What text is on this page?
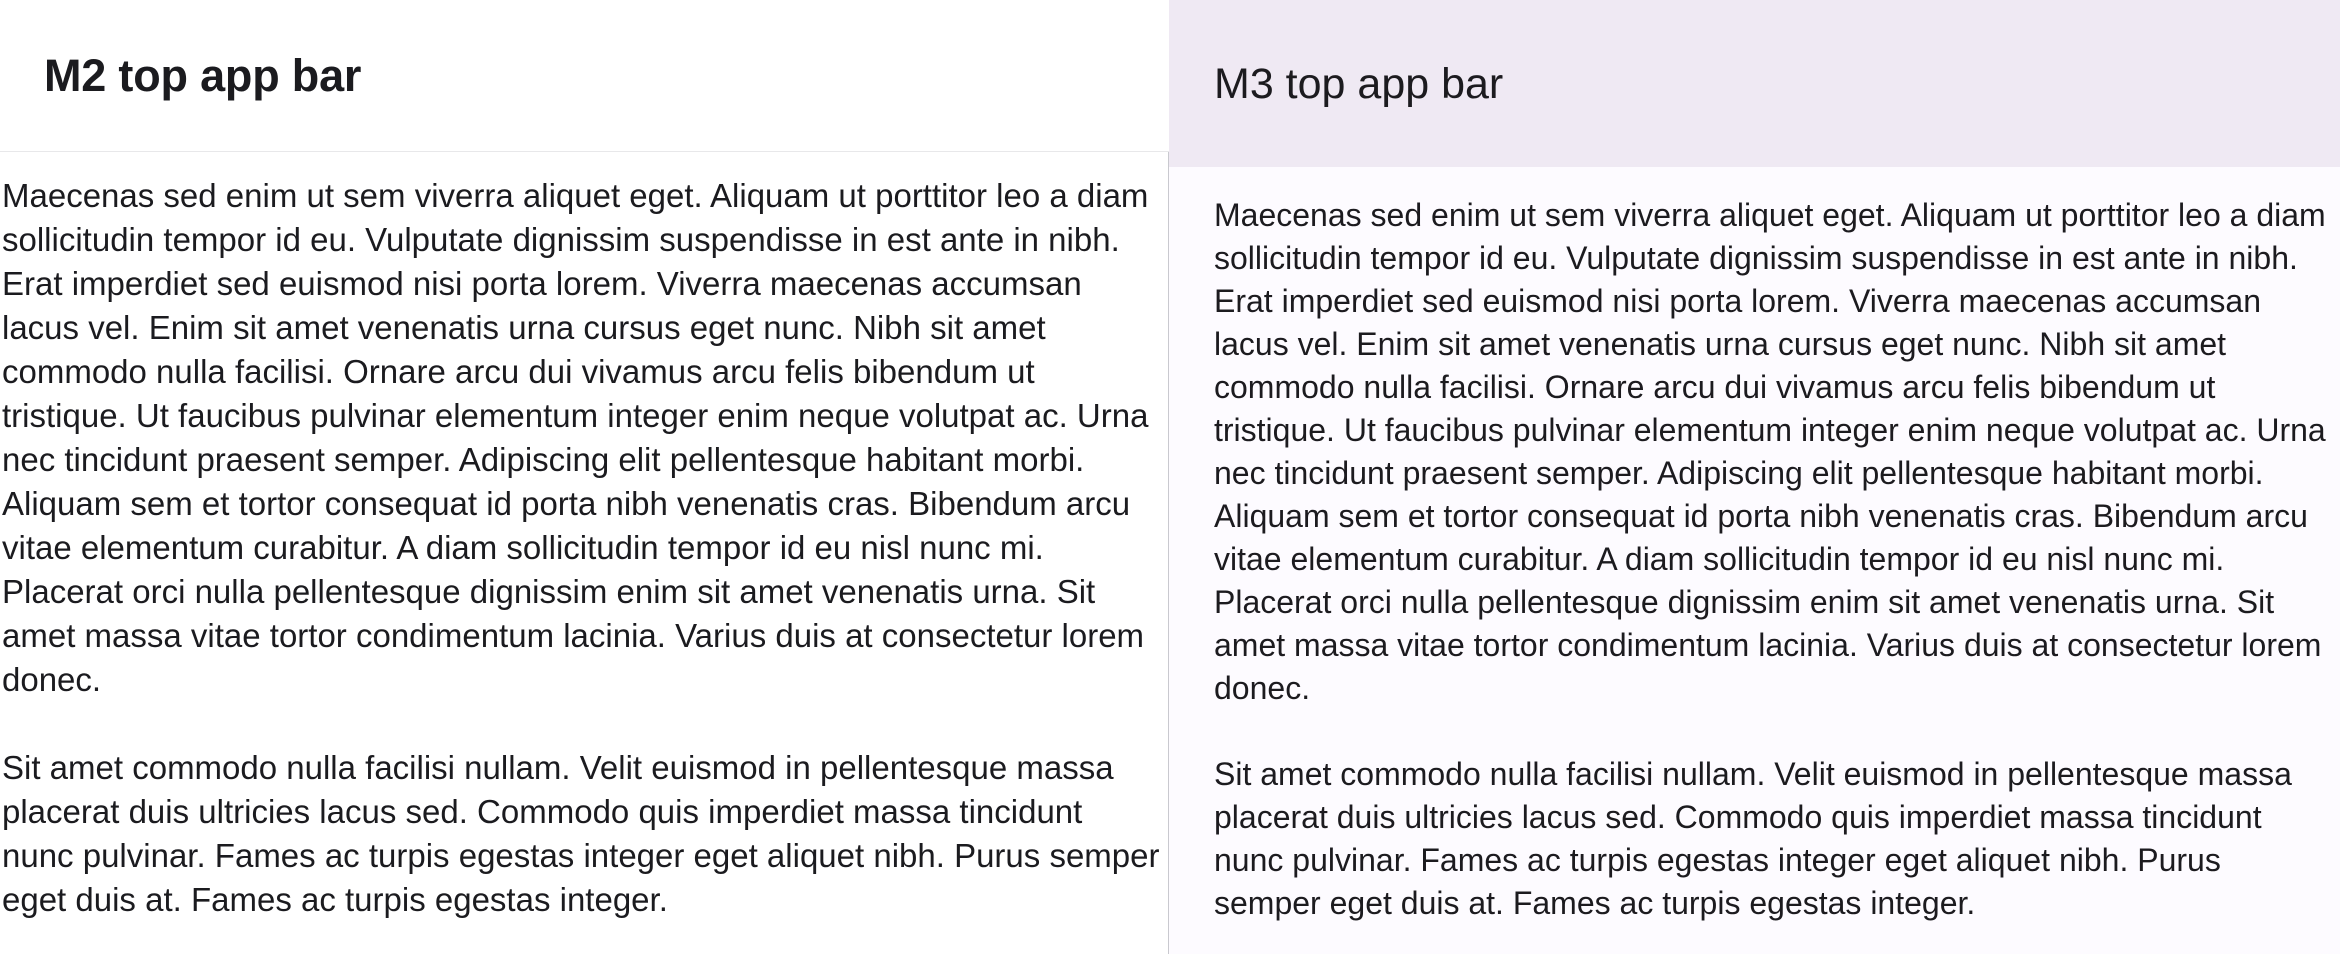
M2 top app bar

Maecenas sed enim ut sem viverra aliquet eget. Aliquam ut porttitor leo a diam sollicitudin tempor id eu. Vulputate dignissim suspendisse in est ante in nibh. Erat imperdiet sed euismod nisi porta lorem. Viverra maecenas accumsan lacus vel. Enim sit amet venenatis urna cursus eget nunc. Nibh sit amet commodo nulla facilisi. Ornare arcu dui vivamus arcu felis bibendum ut tristique. Ut faucibus pulvinar elementum integer enim neque volutpat ac. Urna nec tincidunt praesent semper. Adipiscing elit pellentesque habitant morbi. Aliquam sem et tortor consequat id porta nibh venenatis cras. Bibendum arcu vitae elementum curabitur. A diam sollicitudin tempor id eu nisl nunc mi. Placerat orci nulla pellentesque dignissim enim sit amet venenatis urna. Sit amet massa vitae tortor condimentum lacinia. Varius duis at consectetur lorem donec.

Sit amet commodo nulla facilisi nullam. Velit euismod in pellentesque massa placerat duis ultricies lacus sed. Commodo quis imperdiet massa tincidunt nunc pulvinar. Fames ac turpis egestas integer eget aliquet nibh. Purus semper eget duis at. Fames ac turpis egestas integer.

M3 top app bar

Maecenas sed enim ut sem viverra aliquet eget. Aliquam ut porttitor leo a diam sollicitudin tempor id eu. Vulputate dignissim suspendisse in est ante in nibh. Erat imperdiet sed euismod nisi porta lorem. Viverra maecenas accumsan lacus vel. Enim sit amet venenatis urna cursus eget nunc. Nibh sit amet commodo nulla facilisi. Ornare arcu dui vivamus arcu felis bibendum ut tristique. Ut faucibus pulvinar elementum integer enim neque volutpat ac. Urna nec tincidunt praesent semper. Adipiscing elit pellentesque habitant morbi. Aliquam sem et tortor consequat id porta nibh venenatis cras. Bibendum arcu vitae elementum curabitur. A diam sollicitudin tempor id eu nisl nunc mi. Placerat orci nulla pellentesque dignissim enim sit amet venenatis urna. Sit amet massa vitae tortor condimentum lacinia. Varius duis at consectetur lorem donec.

Sit amet commodo nulla facilisi nullam. Velit euismod in pellentesque massa placerat duis ultricies lacus sed. Commodo quis imperdiet massa tincidunt nunc pulvinar. Fames ac turpis egestas integer eget aliquet nibh. Purus semper eget duis at. Fames ac turpis egestas integer.
